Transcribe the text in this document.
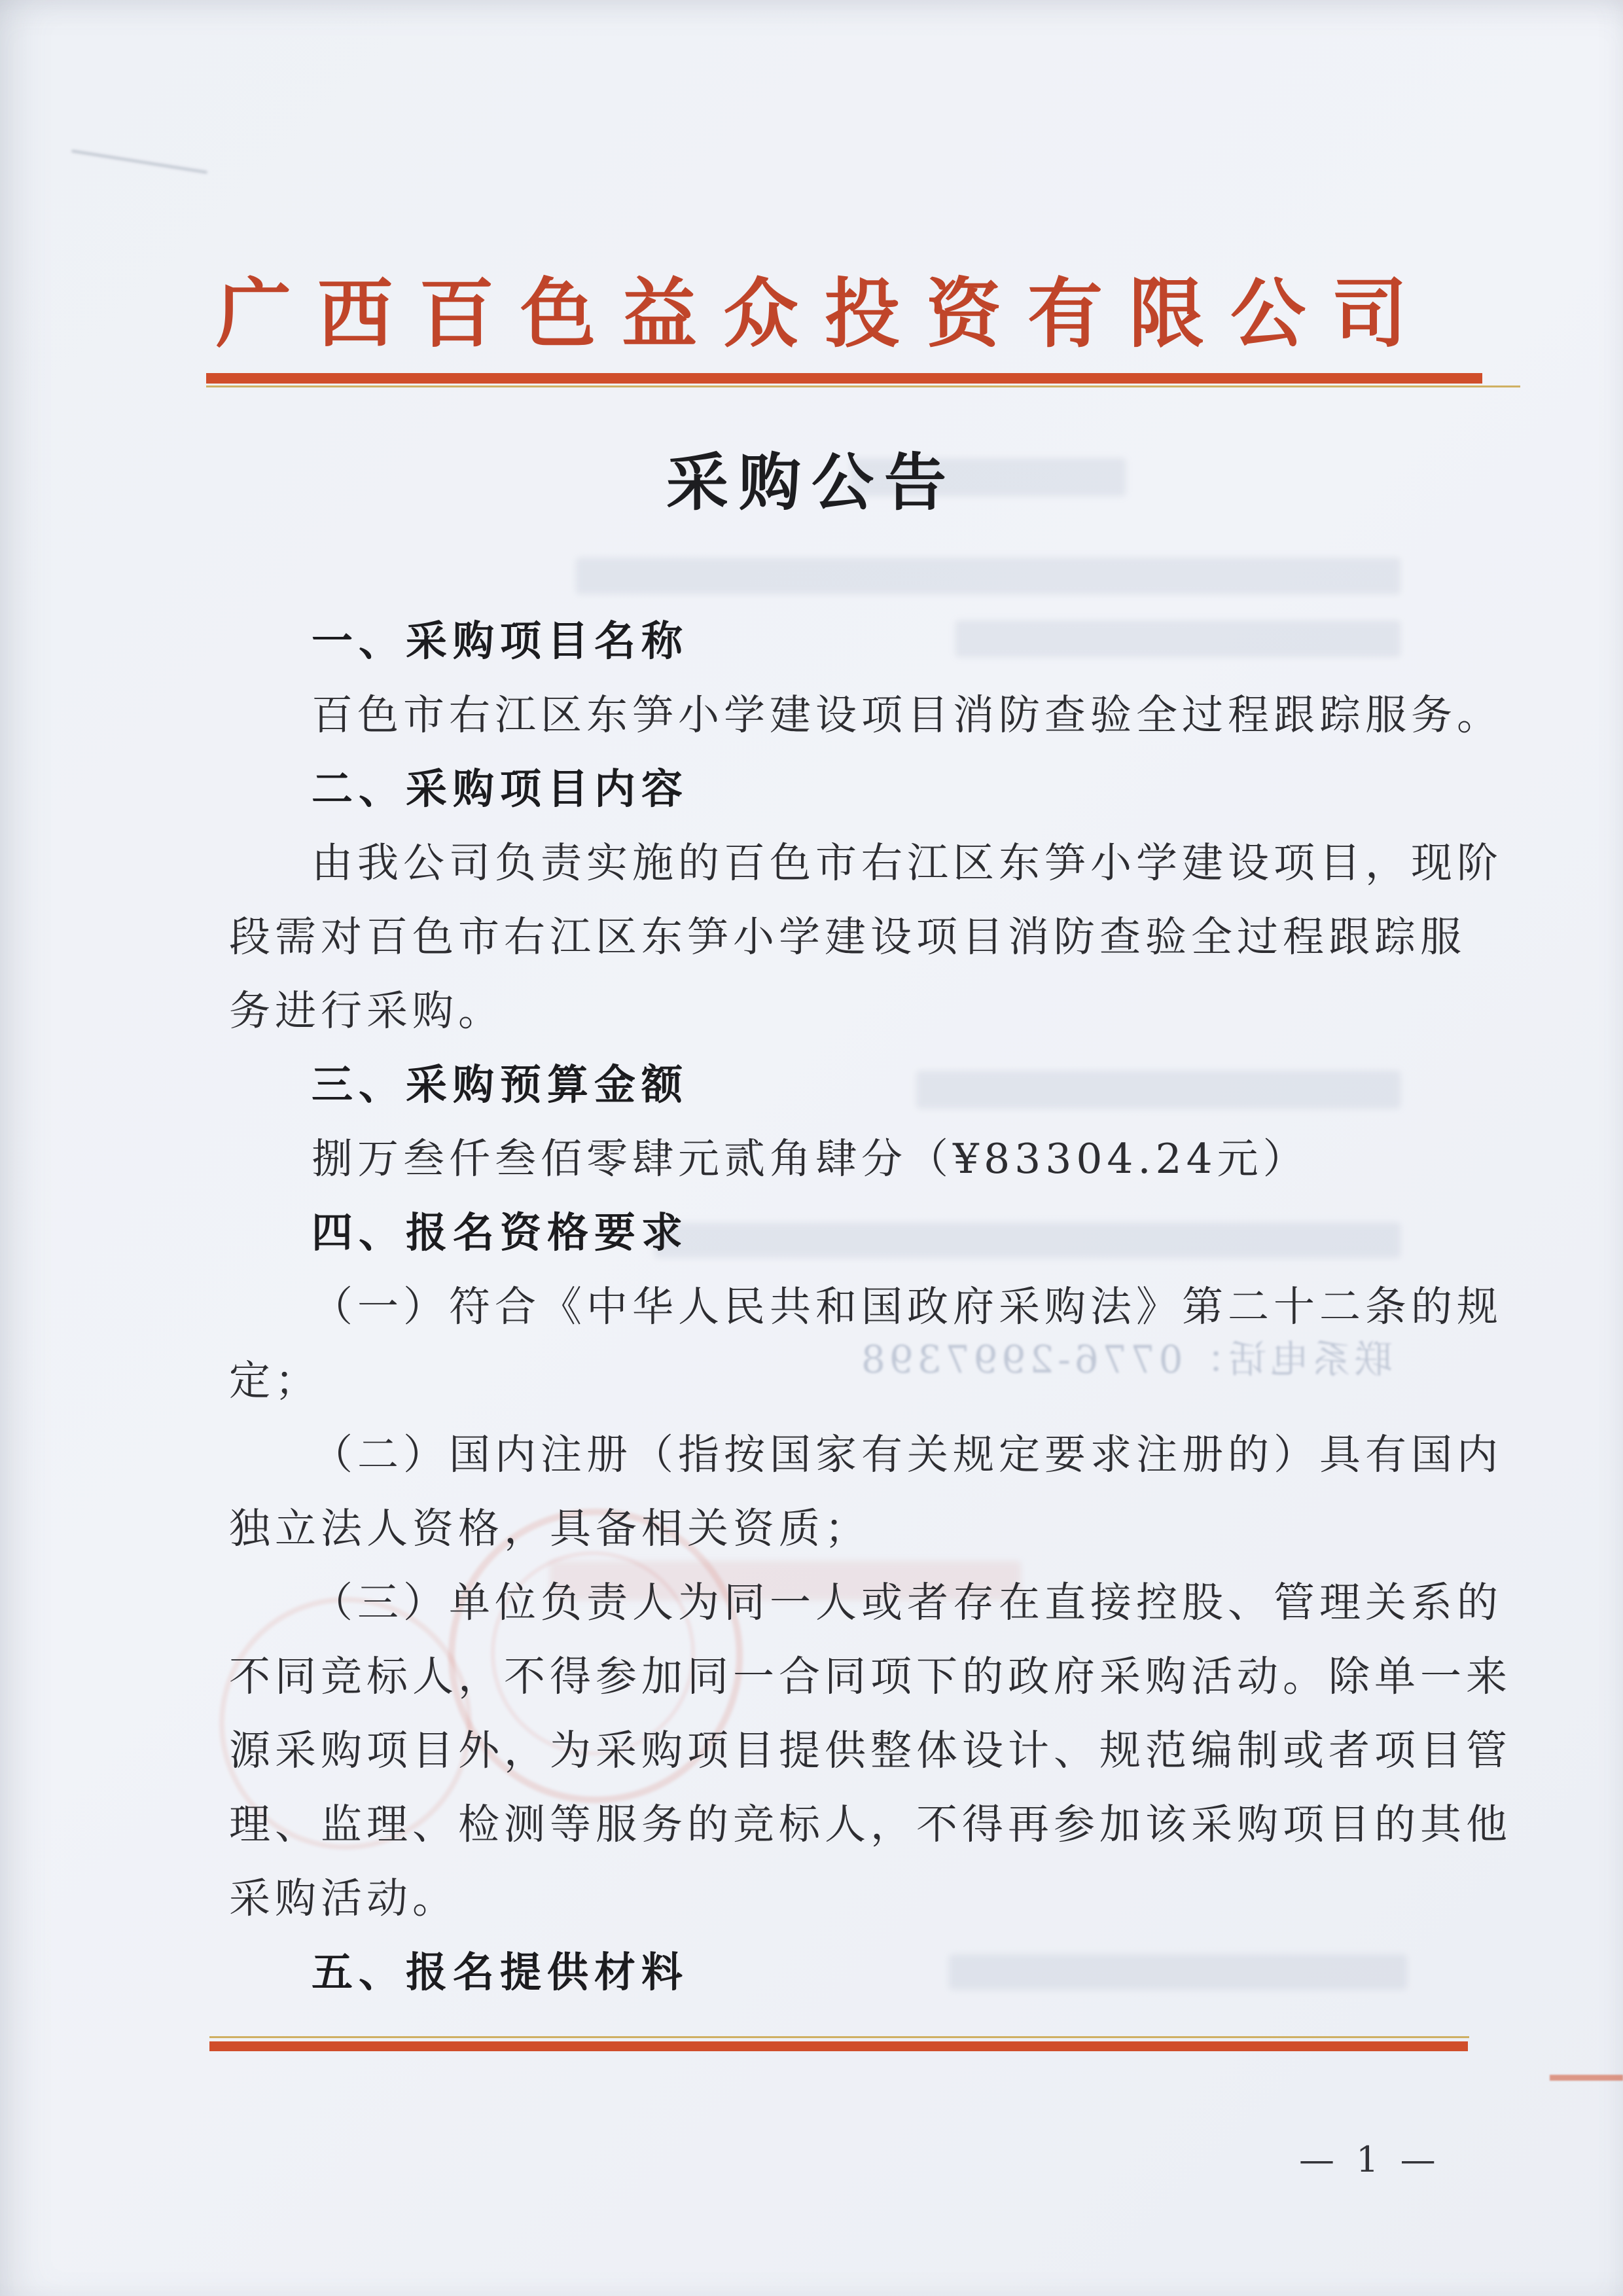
联系电话：0776-2997398
广西百色益众投资有限公司
采购公告

一、采购项目名称

百色市右江区东笋小学建设项目消防查验全过程跟踪服务。

二、采购项目内容

由我公司负责实施的百色市右江区东笋小学建设项目，现阶

段需对百色市右江区东笋小学建设项目消防查验全过程跟踪服

务进行采购。

三、采购预算金额

捌万叁仟叁佰零肆元贰角肆分（¥83304.24元）

四、报名资格要求

（一）符合《中华人民共和国政府采购法》第二十二条的规

定；

（二）国内注册（指按国家有关规定要求注册的）具有国内

独立法人资格，具备相关资质；

（三）单位负责人为同一人或者存在直接控股、管理关系的

不同竞标人，不得参加同一合同项下的政府采购活动。除单一来

源采购项目外，为采购项目提供整体设计、规范编制或者项目管

理、监理、检测等服务的竞标人，不得再参加该采购项目的其他

采购活动。

五、报名提供材料

— 1 —
